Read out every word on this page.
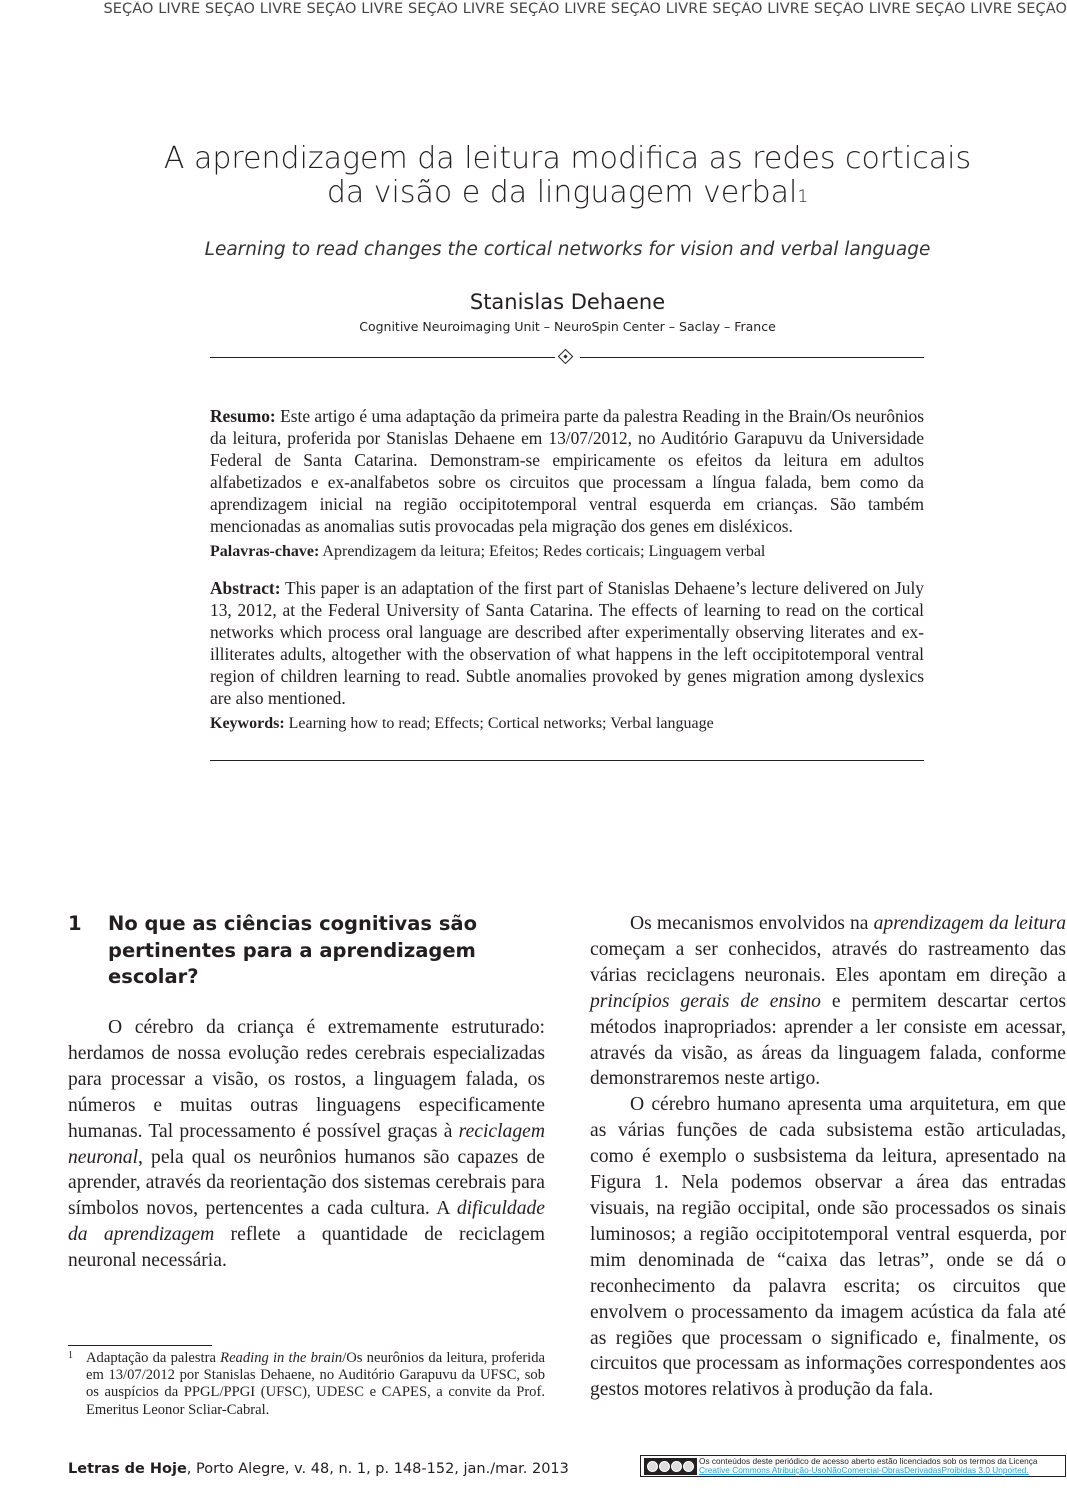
SEÇÃO LIVRE SEÇÃO LIVRE SEÇÃO LIVRE SEÇÃO LIVRE SEÇÃO LIVRE SEÇÃO LIVRE SEÇÃO LIVRE SEÇÃO LIVRE SEÇÃO LIVRE SEÇÃO
A aprendizagem da leitura modifica as redes corticais
da visão e da linguagem verbal$^1$
Learning to read changes the cortical networks for vision and verbal language
Stanislas Dehaene
Cognitive Neuroimaging Unit – NeuroSpin Center – Saclay – France
Resumo: Este artigo é uma adaptação da primeira parte da palestra Reading in the Brain/Os neurônios da leitura, proferida por Stanislas Dehaene em 13/07/2012, no Auditório Garapuvu da Universidade Federal de Santa Catarina. Demonstram-se empiricamente os efeitos da leitura em adultos alfabetizados e ex-analfabetos sobre os circuitos que processam a língua falada, bem como da aprendizagem inicial na região occipitotemporal ventral esquerda em crianças. São também mencionadas as anomalias sutis provocadas pela migração dos genes em disléxicos.
Palavras-chave: Aprendizagem da leitura; Efeitos; Redes corticais; Linguagem verbal
Abstract: This paper is an adaptation of the first part of Stanislas Dehaene’s lecture delivered on July 13, 2012, at the Federal University of Santa Catarina. The effects of learning to read on the cortical networks which process oral language are described after experimentally observing literates and ex-illiterates adults, altogether with the observation of what happens in the left occipitotemporal ventral region of children learning to read. Subtle anomalies provoked by genes migration among dyslexics are also mentioned.
Keywords: Learning how to read; Effects; Cortical networks; Verbal language
1	No que as ciências cognitivas são pertinentes para a aprendizagem escolar?

O cérebro da criança é extremamente estruturado: herdamos de nossa evolução redes cerebrais especializadas para processar a visão, os rostos, a linguagem falada, os números e muitas outras linguagens especificamente humanas. Tal processamento é possível graças à reciclagem neuronal, pela qual os neurônios humanos são capazes de aprender, através da reorientação dos sistemas cerebrais para símbolos novos, pertencentes a cada cultura. A dificuldade da aprendizagem reflete a quantidade de reciclagem neuronal necessária.

1 Adaptação da palestra Reading in the brain/Os neurônios da leitura, proferida em 13/07/2012 por Stanislas Dehaene, no Auditório Garapuvu da UFSC, sob os auspícios da PPGL/PPGI (UFSC), UDESC e CAPES, a convite da Prof. Emeritus Leonor Scliar-Cabral.

Os mecanismos envolvidos na aprendizagem da leitura começam a ser conhecidos, através do rastreamento das várias reciclagens neuronais. Eles apontam em direção a princípios gerais de ensino e permitem descartar certos métodos inapropriados: aprender a ler consiste em acessar, através da visão, as áreas da linguagem falada, conforme demonstraremos neste artigo.

O cérebro humano apresenta uma arquitetura, em que as várias funções de cada subsistema estão articuladas, como é exemplo o susbsistema da leitura, apresentado na Figura 1. Nela podemos observar a área das entradas visuais, na região occipital, onde são processados os sinais luminosos; a região occipitotemporal ventral esquerda, por mim denominada de “caixa das letras”, onde se dá o reconhecimento da palavra escrita; os circuitos que envolvem o processamento da imagem acústica da fala até as regiões que processam o significado e, finalmente, os circuitos que processam as informações correspondentes aos gestos motores relativos à produção da fala.

Letras de Hoje, Porto Alegre, v. 48, n. 1, p. 148-152, jan./mar. 2013
Os conteúdos deste periódico de acesso aberto estão licenciados sob os termos da Licença
Creative Commons Atribuição-UsoNãoComercial-ObrasDerivadasProibidas 3.0 Unported.
